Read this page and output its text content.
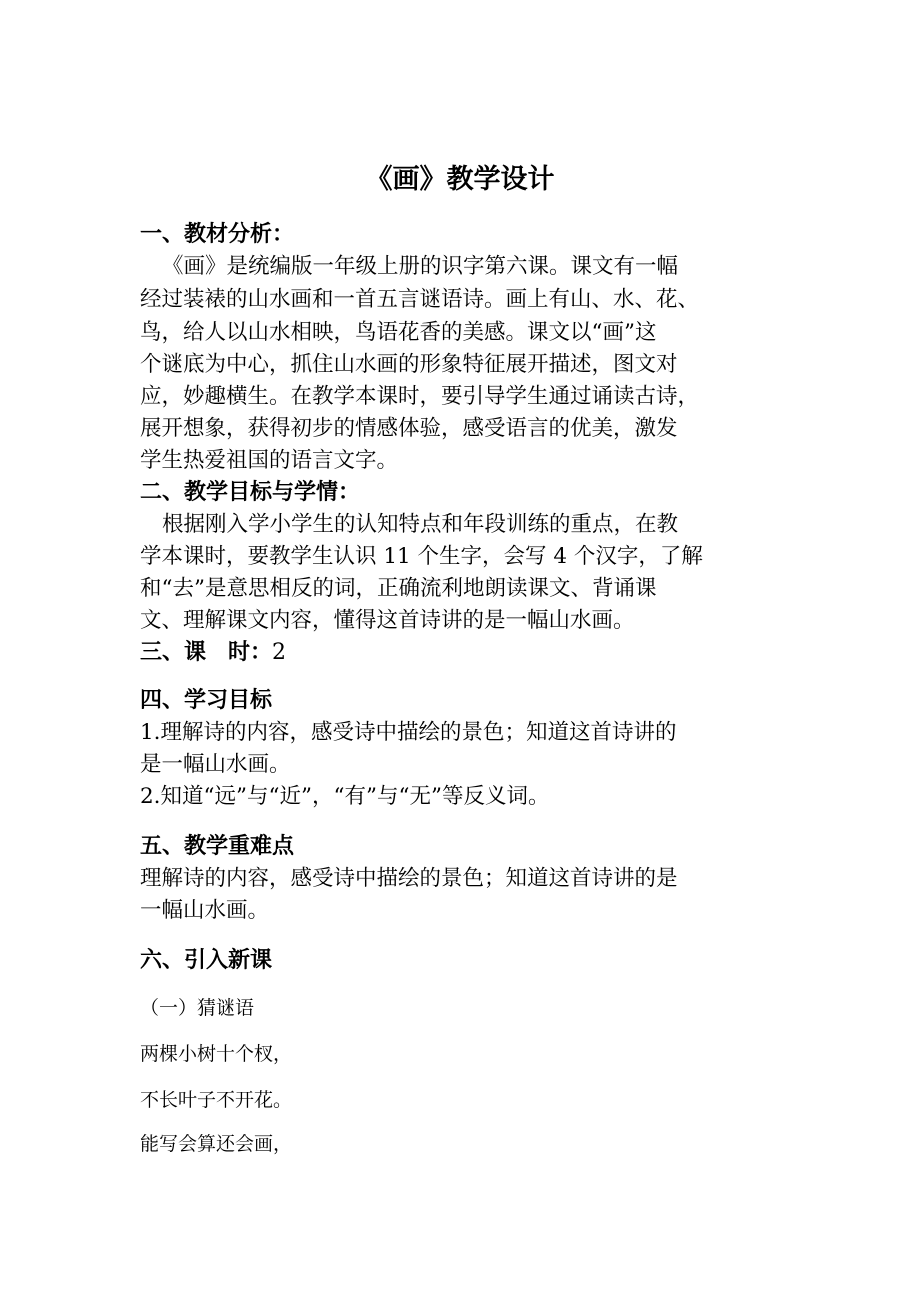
《画》教学设计
一、教材分析：
《画》是统编版一年级上册的识字第六课。课文有一幅
经过装裱的山水画和一首五言谜语诗。画上有山、水、花、
鸟，给人以山水相映，鸟语花香的美感。课文以“画”这
个谜底为中心，抓住山水画的形象特征展开描述，图文对
应，妙趣横生。在教学本课时，要引导学生通过诵读古诗，
展开想象，获得初步的情感体验，感受语言的优美，激发
学生热爱祖国的语言文字。
二、教学目标与学情：
根据刚入学小学生的认知特点和年段训练的重点，在教
学本课时，要教学生认识 11 个生字，会写 4 个汉字，了解
和“去”是意思相反的词，正确流利地朗读课文、背诵课
文、理解课文内容，懂得这首诗讲的是一幅山水画。
三、课　时：2
四、学习目标
1.理解诗的内容，感受诗中描绘的景色；知道这首诗讲的
是一幅山水画。
2.知道“远”与“近”，“有”与“无”等反义词。
五、教学重难点
理解诗的内容，感受诗中描绘的景色；知道这首诗讲的是
一幅山水画。
六、引入新课
（一）猜谜语
两棵小树十个杈，
不长叶子不开花。
能写会算还会画，
